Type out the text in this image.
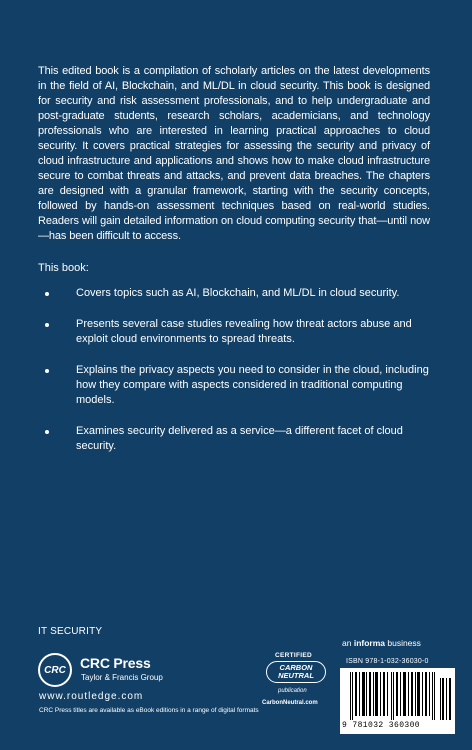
This edited book is a compilation of scholarly articles on the latest developments in the field of AI, Blockchain, and ML/DL in cloud security. This book is designed for security and risk assessment professionals, and to help undergraduate and post-graduate students, research scholars, academicians, and technology professionals who are interested in learning practical approaches to cloud security. It covers practical strategies for assessing the security and privacy of cloud infrastructure and applications and shows how to make cloud infrastructure secure to combat threats and attacks, and prevent data breaches. The chapters are designed with a granular framework, starting with the security concepts, followed by hands-on assessment techniques based on real-world studies. Readers will gain detailed information on cloud computing security that—until now—has been difficult to access.

This book:

Covers topics such as AI, Blockchain, and ML/DL in cloud security.
Presents several case studies revealing how threat actors abuse and exploit cloud environments to spread threats.
Explains the privacy aspects you need to consider in the cloud, including how they compare with aspects considered in traditional computing models.
Examines security delivered as a service—a different facet of cloud security.
IT SECURITY
CRC	CRC Press
Taylor & Francis Group
www.routledge.com
CRC Press titles are available as eBook editions in a range of digital formats
CERTIFIED
CARBON NEUTRAL
publication
CarbonNeutral.com
an informa business
ISBN 978-1-032-36030-0
9 781032 360300
